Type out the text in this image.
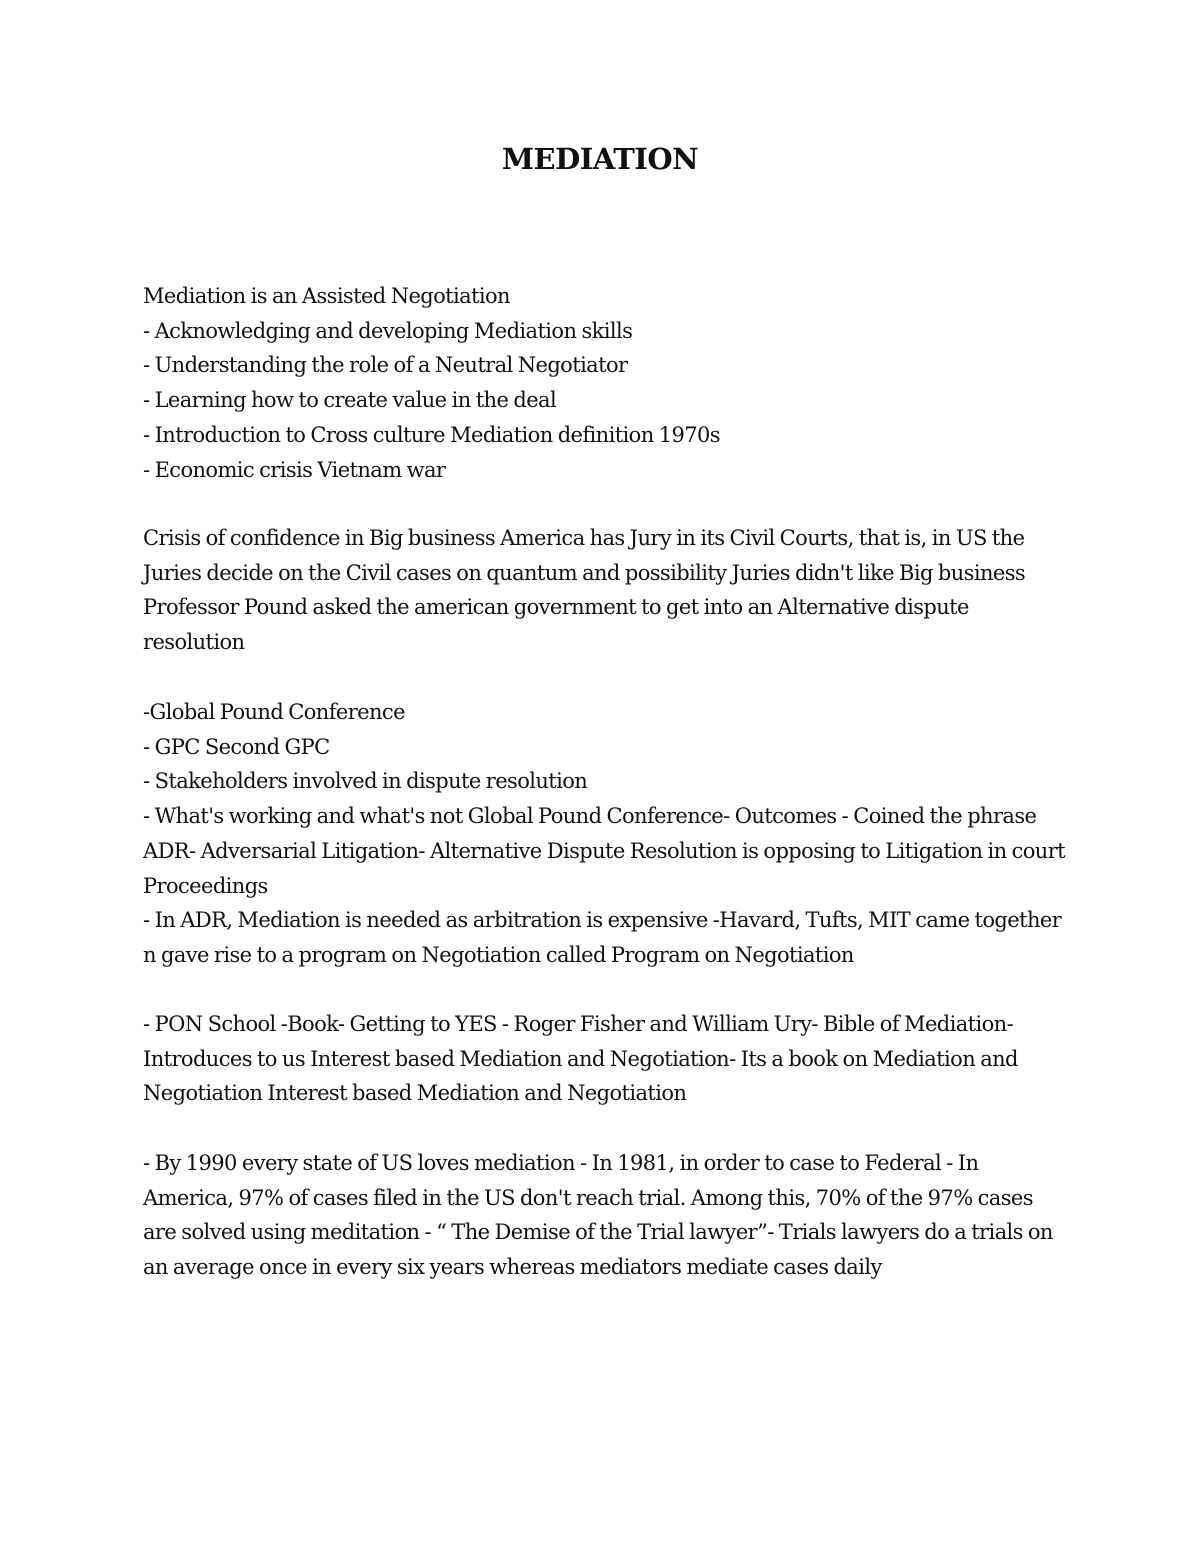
MEDIATION
Mediation is an Assisted Negotiation
- Acknowledging and developing Mediation skills
- Understanding the role of a Neutral Negotiator
- Learning how to create value in the deal
- Introduction to Cross culture Mediation definition 1970s
- Economic crisis Vietnam war

Crisis of confidence in Big business America has Jury in its Civil Courts, that is, in US the Juries decide on the Civil cases on quantum and possibility Juries didn't like Big business Professor Pound asked the american government to get into an Alternative dispute resolution

-Global Pound Conference
- GPC Second GPC
- Stakeholders involved in dispute resolution

- What's working and what's not Global Pound Conference- Outcomes - Coined the phrase ADR- Adversarial Litigation- Alternative Dispute Resolution is opposing to Litigation in court Proceedings

- In ADR, Mediation is needed as arbitration is expensive -Havard, Tufts, MIT came together n gave rise to a program on Negotiation called Program on Negotiation

- PON School -Book- Getting to YES - Roger Fisher and William Ury- Bible of Mediation- Introduces to us Interest based Mediation and Negotiation- Its a book on Mediation and Negotiation Interest based Mediation and Negotiation

- By 1990 every state of US loves mediation - In 1981, in order to case to Federal - In America, 97% of cases filed in the US don't reach trial. Among this, 70% of the 97% cases are solved using meditation - “ The Demise of the Trial lawyer”- Trials lawyers do a trials on an average once in every six years whereas mediators mediate cases daily
